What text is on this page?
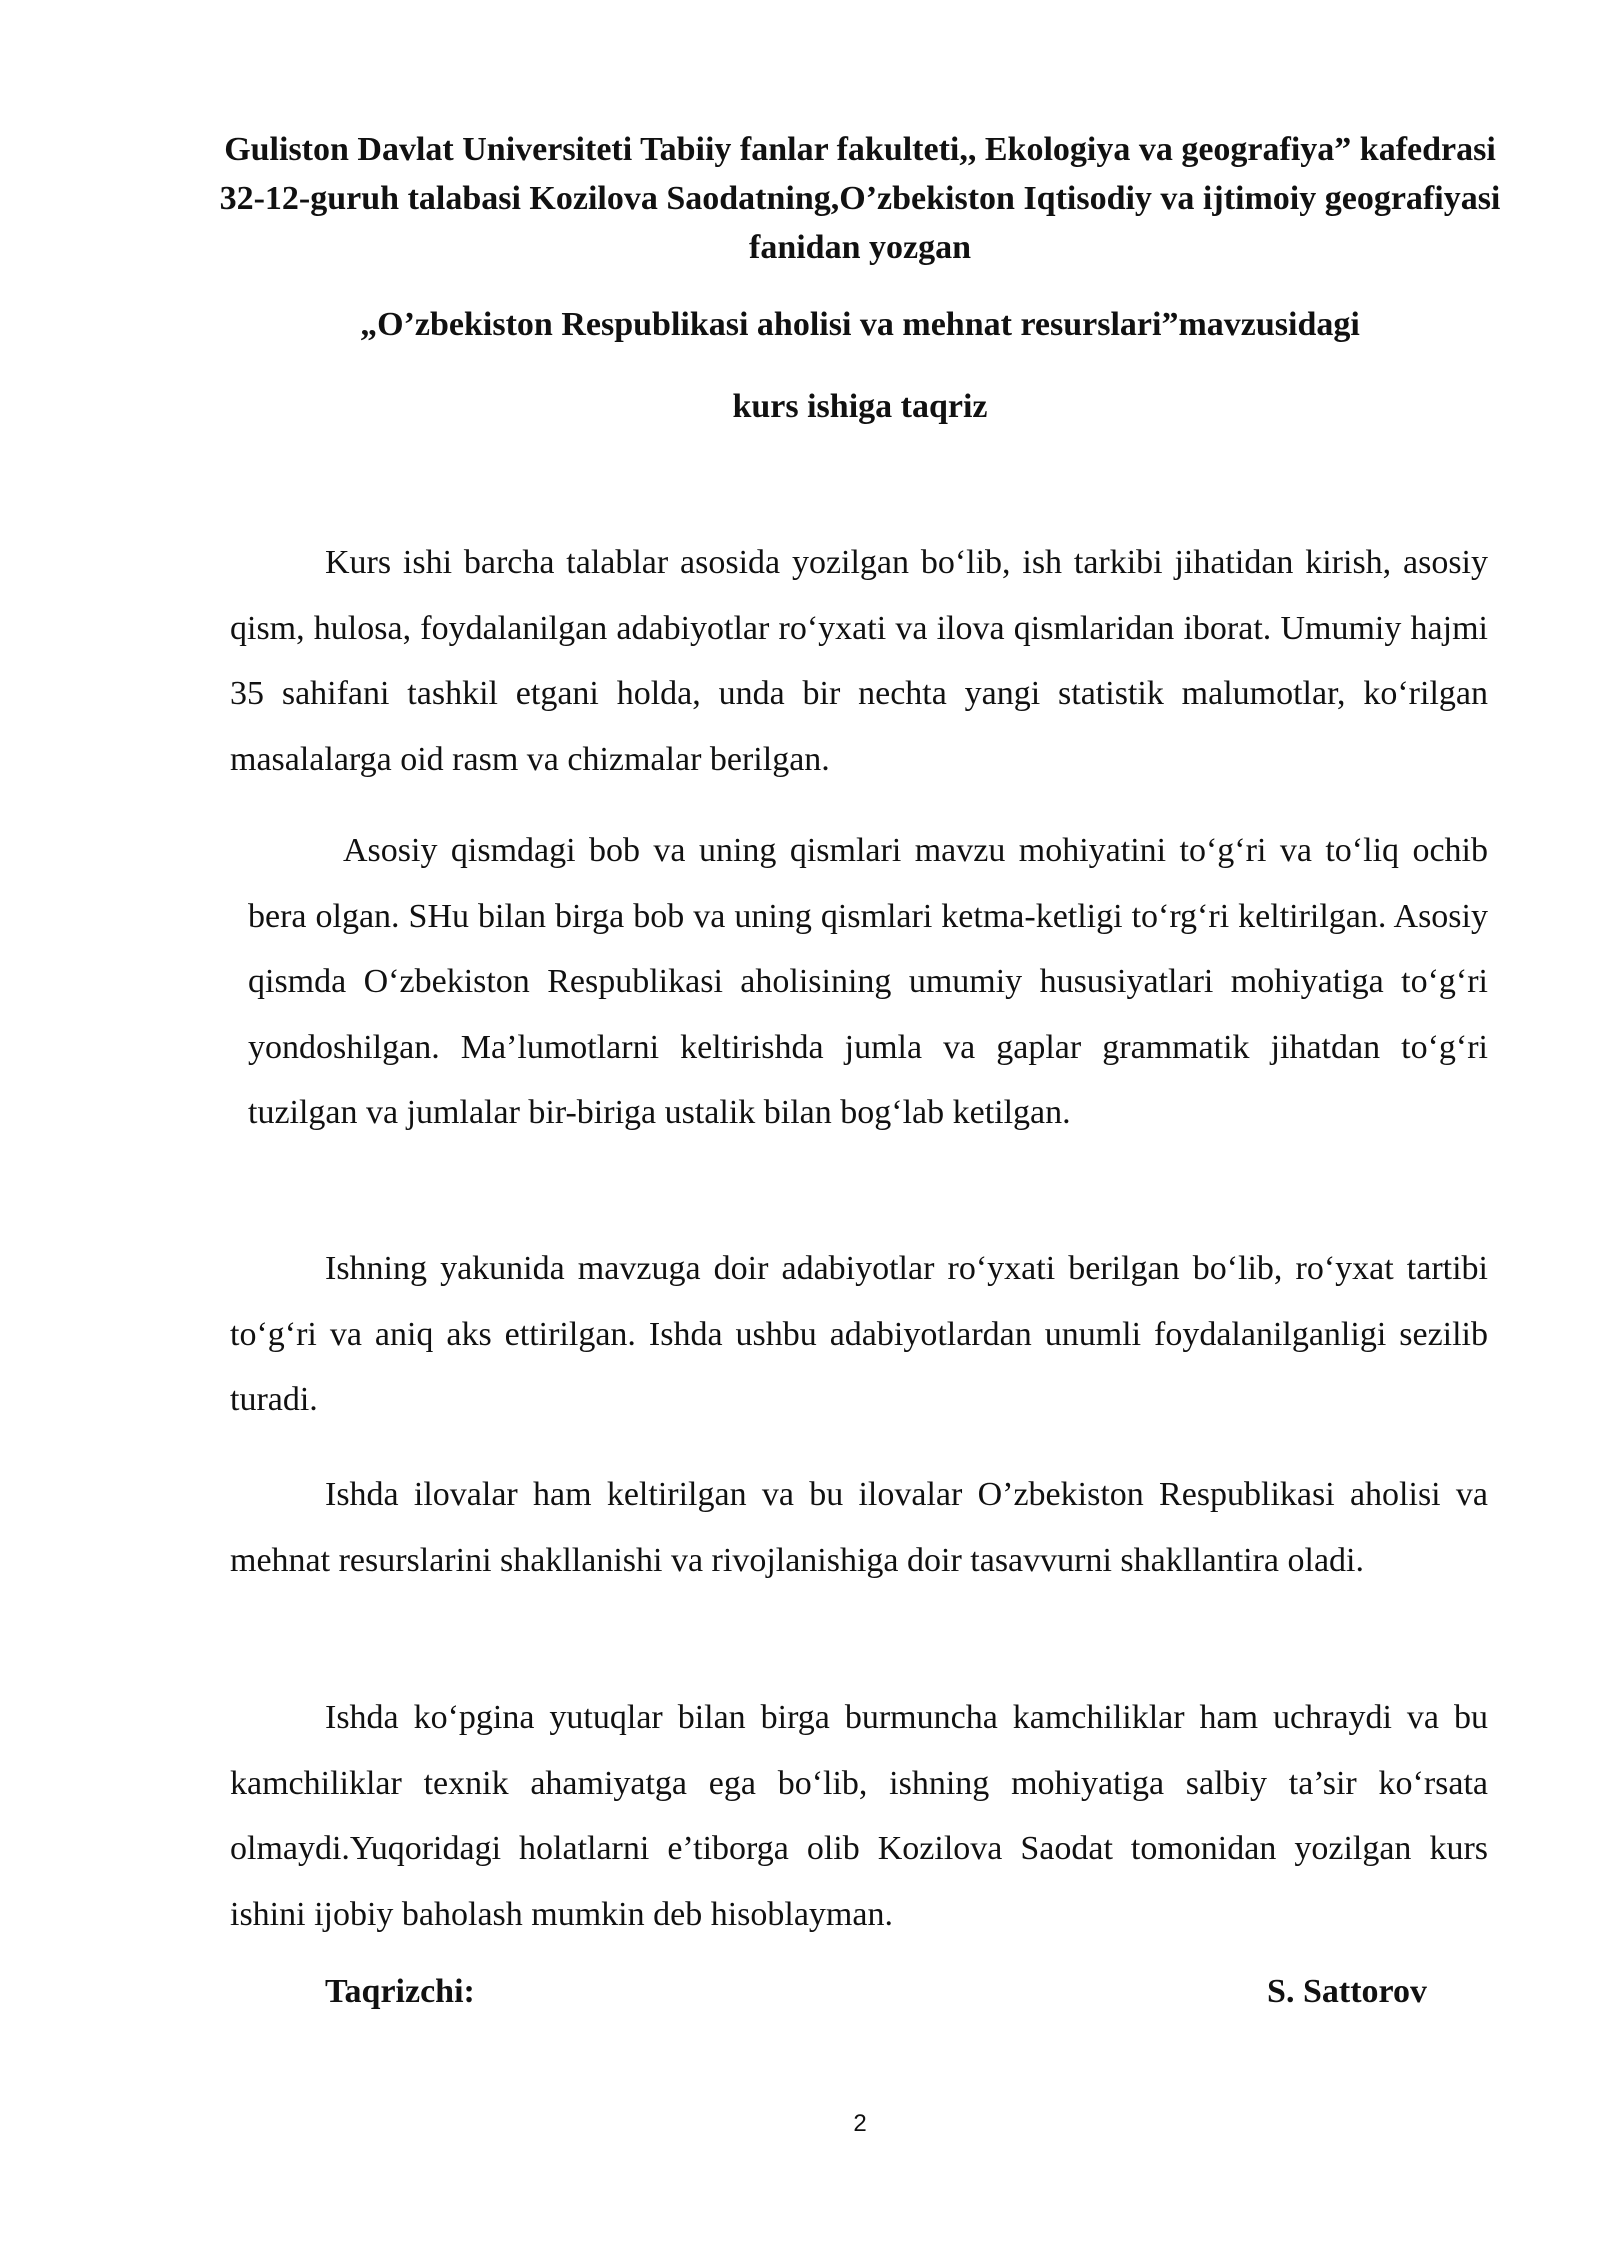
Guliston Davlat Universiteti Tabiiy fanlar fakulteti,, Ekologiya va geografiya” kafedrasi 32-12-guruh talabasi Kozilova Saodatning,O’zbekiston Iqtisodiy va ijtimoiy geografiyasi fanidan yozgan

„O’zbekiston Respublikasi aholisi va mehnat resurslari”mavzusidagi

kurs ishiga taqriz

Kurs ishi barcha talablar asosida yozilgan bo‘lib, ish tarkibi jihatidan kirish, asosiy qism, hulosa, foydalanilgan adabiyotlar ro‘yxati va ilova qismlaridan iborat. Umumiy hajmi 35 sahifani tashkil etgani holda, unda bir nechta yangi statistik malumotlar, ko‘rilgan masalalarga oid rasm va chizmalar berilgan.

Asosiy qismdagi bob va uning qismlari mavzu mohiyatini to‘g‘ri va to‘liq ochib bera olgan. SHu bilan birga bob va uning qismlari ketma-ketligi to‘rg‘ri keltirilgan. Asosiy qismda O‘zbekiston Respublikasi aholisining umumiy hususiyatlari mohiyatiga to‘g‘ri yondoshilgan. Ma’lumotlarni keltirishda jumla va gaplar grammatik jihatdan to‘g‘ri tuzilgan va jumlalar bir-biriga ustalik bilan bog‘lab ketilgan.

Ishning yakunida mavzuga doir adabiyotlar ro‘yxati berilgan bo‘lib, ro‘yxat tartibi to‘g‘ri va aniq aks ettirilgan. Ishda ushbu adabiyotlardan unumli foydalanilganligi sezilib turadi.

Ishda ilovalar ham keltirilgan va bu ilovalar O’zbekiston Respublikasi aholisi va mehnat resurslarini shakllanishi va rivojlanishiga doir tasavvurni shakllantira oladi.

Ishda ko‘pgina yutuqlar bilan birga burmuncha kamchiliklar ham uchraydi va bu kamchiliklar texnik ahamiyatga ega bo‘lib, ishning mohiyatiga salbiy ta’sir ko‘rsata olmaydi.Yuqoridagi holatlarni e’tiborga olib Kozilova Saodat tomonidan yozilgan kurs ishini ijobiy baholash mumkin deb hisoblayman.

Taqrizchi:	S. Sattorov

2
